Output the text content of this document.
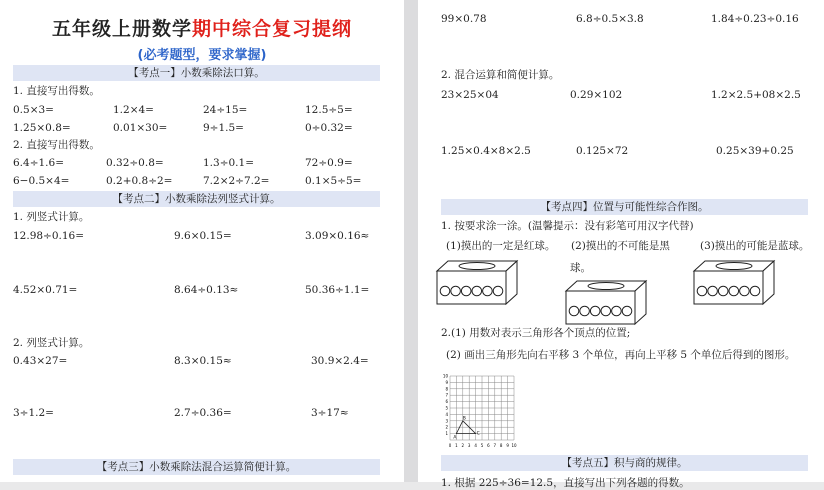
五年级上册数学期中综合复习提纲
(必考题型，要求掌握)
【考点一】小数乘除法口算。
1. 直接写出得数。
0.5×3=	1.2×4=	24÷15=	12.5÷5=
1.25×0.8=	0.01×30=	9÷1.5=	0÷0.32=
2. 直接写出得数。
6.4÷1.6=	0.32÷0.8=	1.3÷0.1=	72÷0.9=
6−0.5×4=	0.2+0.8÷2=	7.2×2÷7.2=	0.1×5÷5=
【考点二】小数乘除法列竖式计算。
1. 列竖式计算。
12.98÷0.16=	9.6×0.15=	3.09×0.16≈
4.52×0.71=	8.64÷0.13≈	50.36÷1.1=
2. 列竖式计算。
0.43×27=	8.3×0.15≈	30.9×2.4=
3÷1.2=	2.7÷0.36=	3÷17≈
【考点三】小数乘除法混合运算简便计算。
99×0.78	6.8÷0.5×3.8	1.84÷0.23÷0.16
2. 混合运算和简便计算。
23×25×04	0.29×102	1.2×2.5+08×2.5
1.25×0.4×8×2.5	0.125×72	0.25×39+0.25
【考点四】位置与可能性综合作图。
1. 按要求涂一涂。(温馨提示：没有彩笔可用汉字代替)
(1)摸出的一定是红球。 (2)摸出的不可能是黑
球。
(3)摸出的可能是蓝球。
2.(1) 用数对表示三角形各个顶点的位置;
(2) 画出三角形先向右平移 3 个单位，再向上平移 5 个单位后得到的图形。
0 1 2 3 4 5 6 7 8 9 10
1
2
3
4
5
6
7
8
9
10
B
A
C
【考点五】积与商的规律。
1. 根据 225÷36=12.5，直接写出下列各题的得数。
